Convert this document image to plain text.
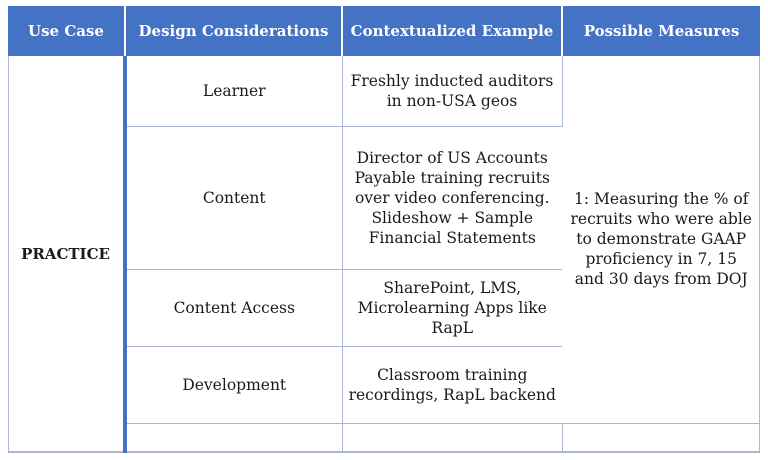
Use Case	Design Considerations	Contextualized Example	Possible Measures
PRACTICE	Learner	Freshly inducted auditors in non-USA geos	1: Measuring the % of recruits who were able to demonstrate GAAP proficiency in 7, 15 and 30 days from DOJ
	Content	Director of US Accounts Payable training recruits over video conferencing. Slideshow + Sample Financial Statements	
	Content Access	SharePoint, LMS, Microlearning Apps like RapL	
	Development	Classroom training recordings, RapL backend	
